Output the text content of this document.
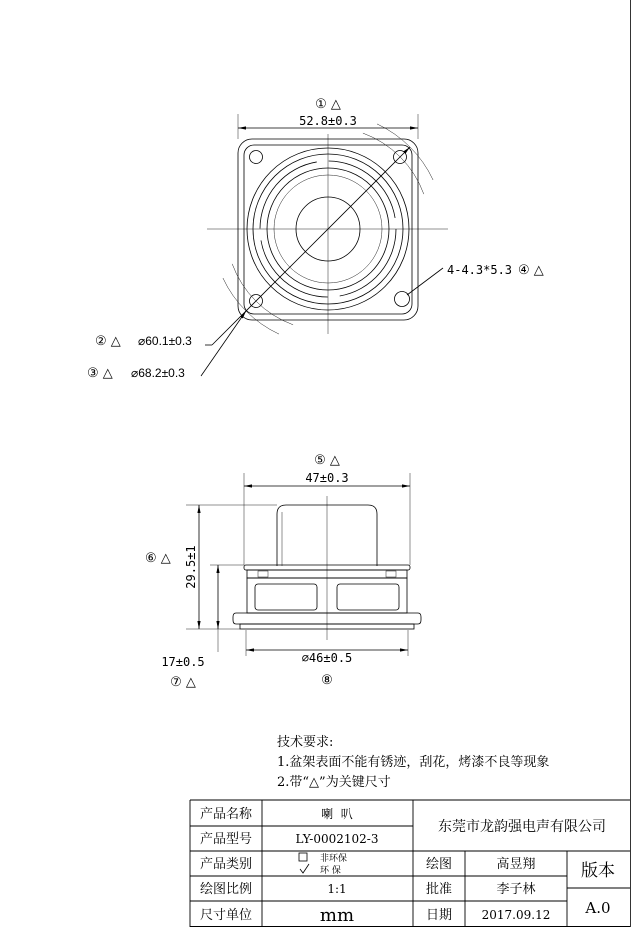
① △
52.8±0.3
② △ ⌀60.1±0.3
③ △ ⌀68.2±0.3
4-4.3*5.3 ④ △
⑤ △
47±0.3
⑥ △ 29.5±1
17±0.5
⑦ △
⌀46±0.5
⑧
技术要求:
1.盆架表面不能有锈迹，刮花，烤漆不良等现象
2.带“△”为关键尺寸
产品名称	喇  叭
产品型号	LY-0002102-3
产品类别	非环保
环 保
绘图比例	1:1
尺寸单位	mm
东莞市龙韵强电声有限公司
绘图	高昱翔
批准	李子林
日期 2017.09.12
版本
A.0
